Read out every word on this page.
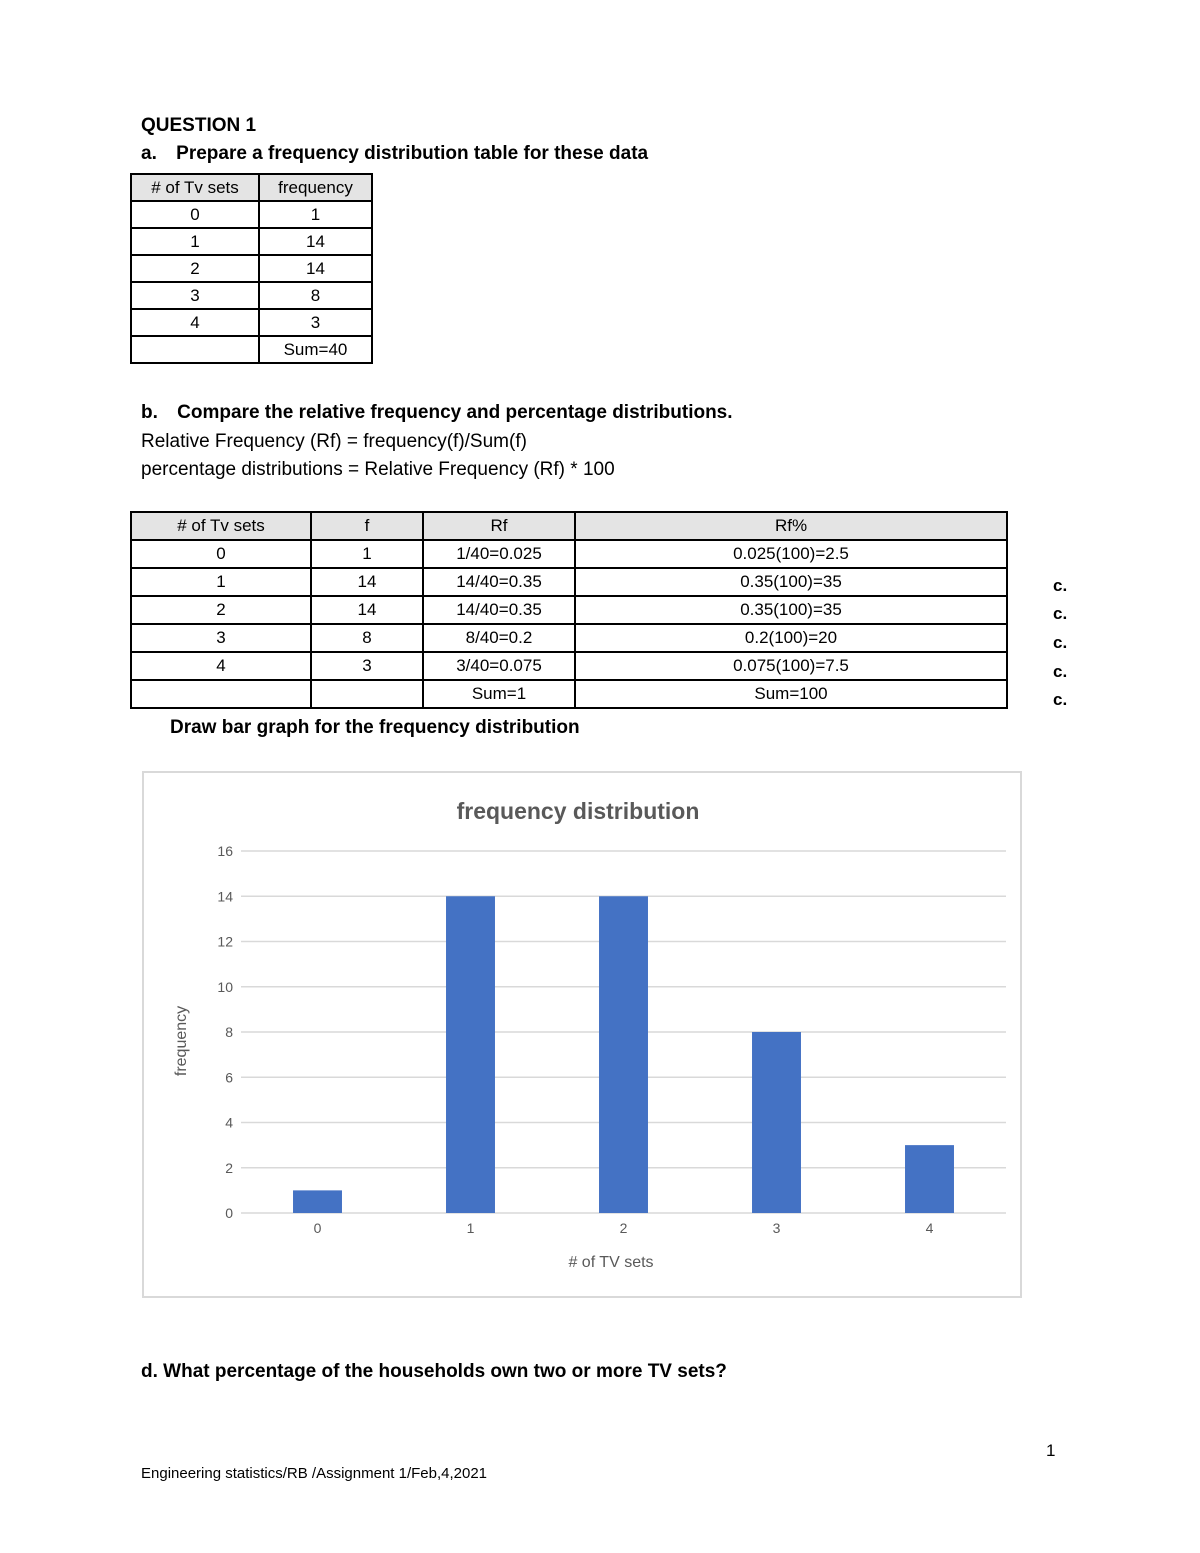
QUESTION 1
a. Prepare a frequency distribution table for these data
# of Tv sets	frequency
0	1
1	14
2	14
3	8
4	3
	Sum=40
b. Compare the relative frequency and percentage distributions.
Relative Frequency (Rf) = frequency(f)/Sum(f)
percentage distributions = Relative Frequency (Rf) * 100
# of Tv sets	f	Rf	Rf%
0	1	1/40=0.025	0.025(100)=2.5
1	14	14/40=0.35	0.35(100)=35
2	14	14/40=0.35	0.35(100)=35
3	8	8/40=0.2	0.2(100)=20
4	3	3/40=0.075	0.075(100)=7.5
		Sum=1	Sum=100
c.
c.
c.
c.
c.
Draw bar graph for the frequency distribution
frequency distribution
0
2
4
6
8
10
12
14
16
0	1	2	3	4
# of TV sets
frequency
d. What percentage of the households own two or more TV sets?
1
Engineering statistics/RB /Assignment 1/Feb,4,2021
